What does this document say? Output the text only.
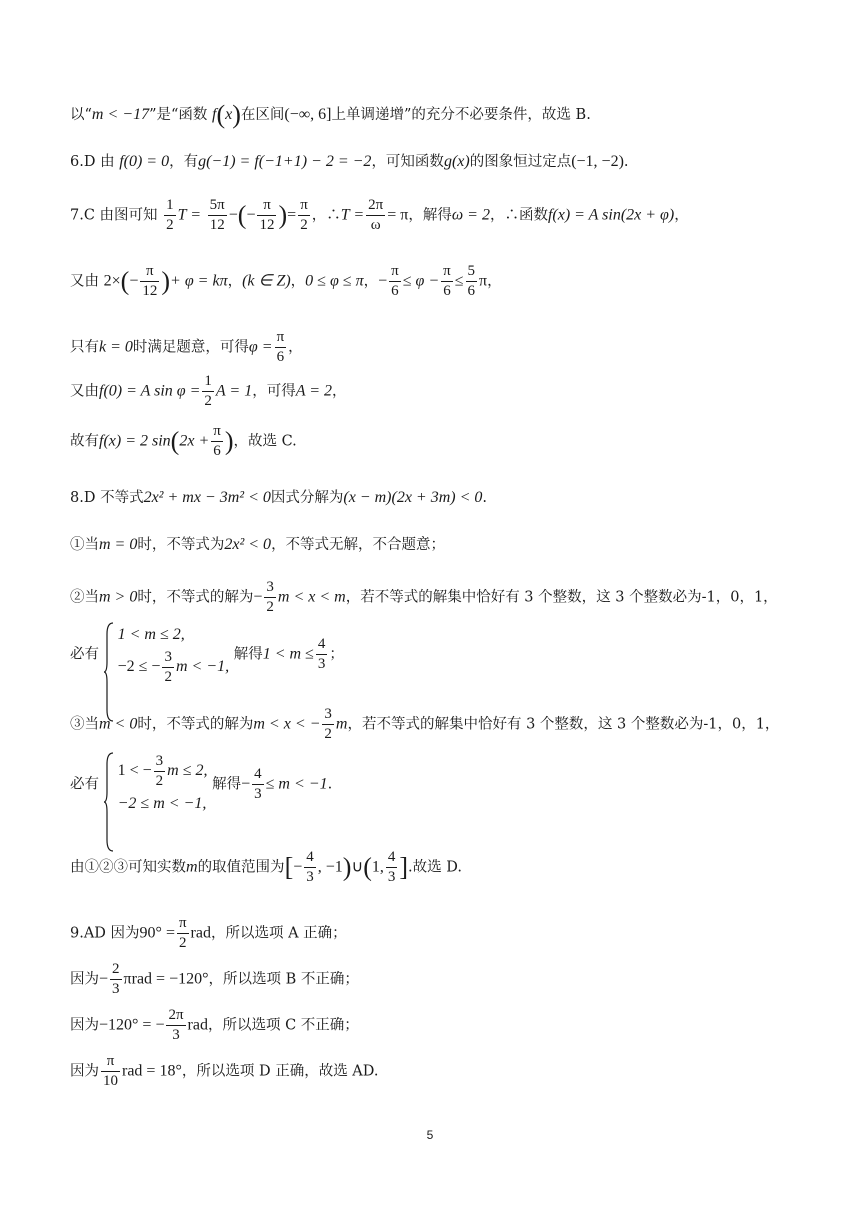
以“m < −17”是“函数 f(x)在区间(−∞, 6]上单调递增”的充分不必要条件，故选 B.
6.D 由 f(0) = 0，有g(−1) = f(−1+1) − 2 = −2，可知函数g(x)的图象恒过定点(−1, −2).
7.C 由图可知 $\frac{1}{2}$ $T = \frac{5\pi}{12}$ −(− $\frac{\pi}{12}$ )= $\frac{\pi}{2}$ ，∴T = $\frac{2\pi}{\omega} = \pi$，解得ω = 2，∴函数f(x) = A sin(2x + φ)，
又由 $2\times(- \frac{\pi}{12}$ )+ φ = kπ，(k ∈ Z)，0 ≤ φ ≤ π，− $\frac{\pi}{6} \le \varphi - \frac{\pi}{6} \le \frac{5}{6}$ π，
只有k = 0时满足题意，可得$\varphi = \frac{\pi}{6}$ ，
又由f(0) = A $\sin \varphi = \frac{1}{2}$ A = 1，可得A = 2，
故有f(x) = 2 $\sin(2x + \frac{\pi}{6}$ )，故选 C.
8.D 不等式2x² + mx − 3m² < 0因式分解为(x − m)(2x + 3m) < 0.
①当m = 0时，不等式为2x² < 0，不等式无解，不合题意；
②当m > 0时，不等式的解为− $\frac{3}{2}$ m < x < m，若不等式的解集中恰好有 3 个整数，这 3 个整数必为-1，0，1，
必有
1 < m ≤ 2,
−2 ≤ − $\frac{3}{2}$ m < −1,
解得$1 < m \le \frac{4}{3}$ ；
③当m < 0时，不等式的解为m < x < − $\frac{3}{2}$ m，若不等式的解集中恰好有 3 个整数，这 3 个整数必为-1，0，1，
必有
1 < − $\frac{3}{2}$ m ≤ 2,
−2 ≤ m < −1,
解得− $\frac{4}{3} \le m < -1$.
由①②③可知实数m的取值范围为[− $\frac{4}{3}$ , −1)∪(1, $\frac{4}{3}$ ].故选 D.
9.AD 因为$90^\circ = \frac{\pi}{2}$ rad，所以选项 A 正确；
因为− $\frac{2}{3}$ πrad = −120°，所以选项 B 不正确；
因为−120° = − $\frac{2\pi}{3}$ rad，所以选项 C 不正确；
因为 $\frac{\pi}{10}$ rad = 18°，所以选项 D 正确，故选 AD.
5
